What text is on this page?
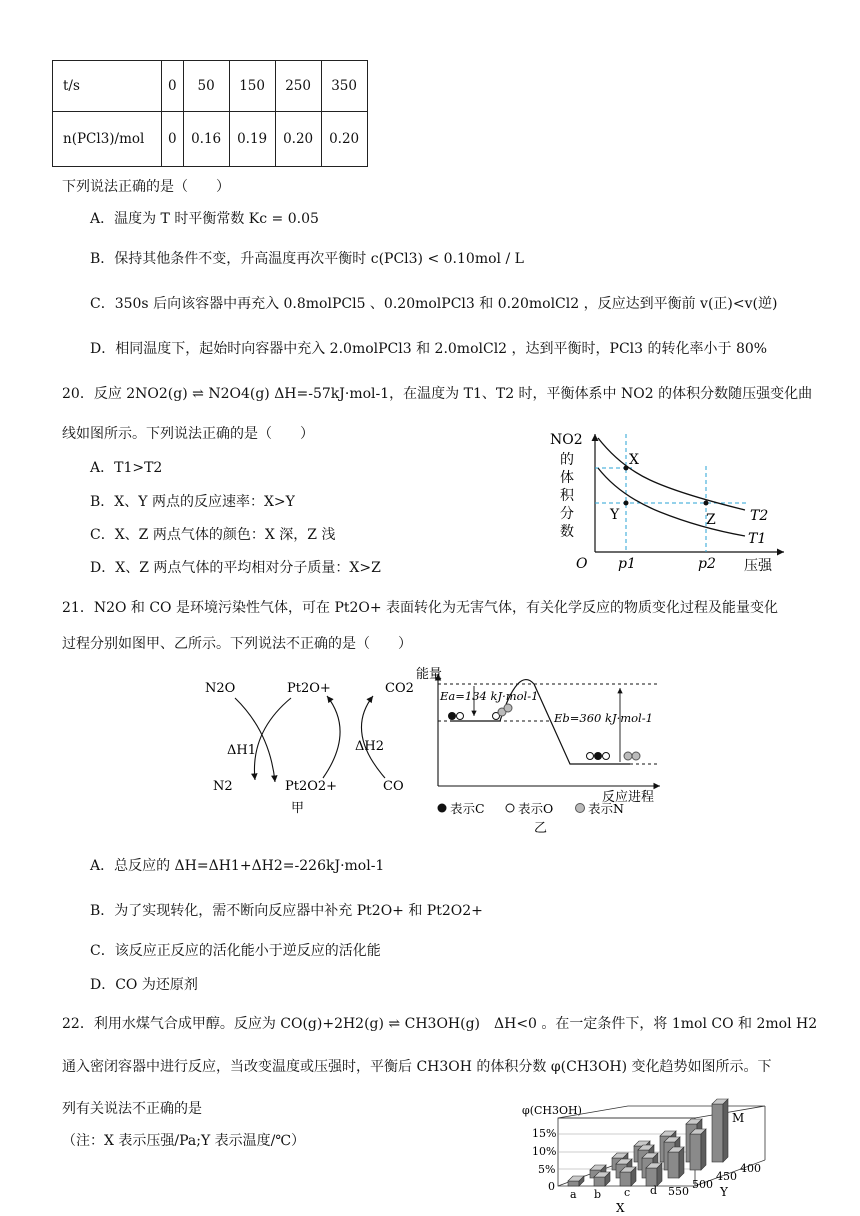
t/s	0	50	150	250	350
n(PCl3)/mol	0	0.16	0.19	0.20	0.20
下列说法正确的是（　　）
A．温度为 T 时平衡常数 Kc = 0.05
B．保持其他条件不变，升高温度再次平衡时 c(PCl3) < 0.10mol / L
C．350s 后向该容器中再充入 0.8molPCl5 、0.20molPCl3 和 0.20molCl2 ，反应达到平衡前 v(正)<v(逆)
D．相同温度下，起始时向容器中充入 2.0molPCl3 和 2.0molCl2 ，达到平衡时，PCl3 的转化率小于 80%
20．反应 2NO2(g) ⇌ N2O4(g) ΔH=-57kJ·mol-1，在温度为 T1、T2 时，平衡体系中 NO2 的体积分数随压强变化曲
线如图所示。下列说法正确的是（　　）
A．T1>T2
B．X、Y 两点的反应速率：X>Y
C．X、Z 两点气体的颜色：X 深，Z 浅
D．X、Z 两点气体的平均相对分子质量：X>Z
NO2
的
体
积
分
数
O p1	p2 压强
X
Y	Z T2
T1
21．N2O 和 CO 是环境污染性气体，可在 Pt2O+ 表面转化为无害气体，有关化学反应的物质变化过程及能量变化
过程分别如图甲、乙所示。下列说法不正确的是（　　）
N2O	Pt2O+	CO2
ΔH1	ΔH2
N2	Pt2O2+	CO
甲
能量
Ea=134 kJ·mol-1
Eb=360 kJ·mol-1
反应进程
表示C	表示O	表示N
乙
A．总反应的 ΔH=ΔH1+ΔH2=-226kJ·mol-1
B．为了实现转化，需不断向反应器中补充 Pt2O+ 和 Pt2O2+
C．该反应正反应的活化能小于逆反应的活化能
D．CO 为还原剂
22．利用水煤气合成甲醇。反应为 CO(g)+2H2(g) ⇌ CH3OH(g)　ΔH<0 。在一定条件下，将 1mol CO 和 2mol H2
通入密闭容器中进行反应，当改变温度或压强时，平衡后 CH3OH 的体积分数 φ(CH3OH) 变化趋势如图所示。下
列有关说法不正确的是
（注：X 表示压强/Pa;Y 表示温度/℃）
φ(CH3OH)
15%
10%
5%
0
a b c d 550
500
450
400
X
Y
M
